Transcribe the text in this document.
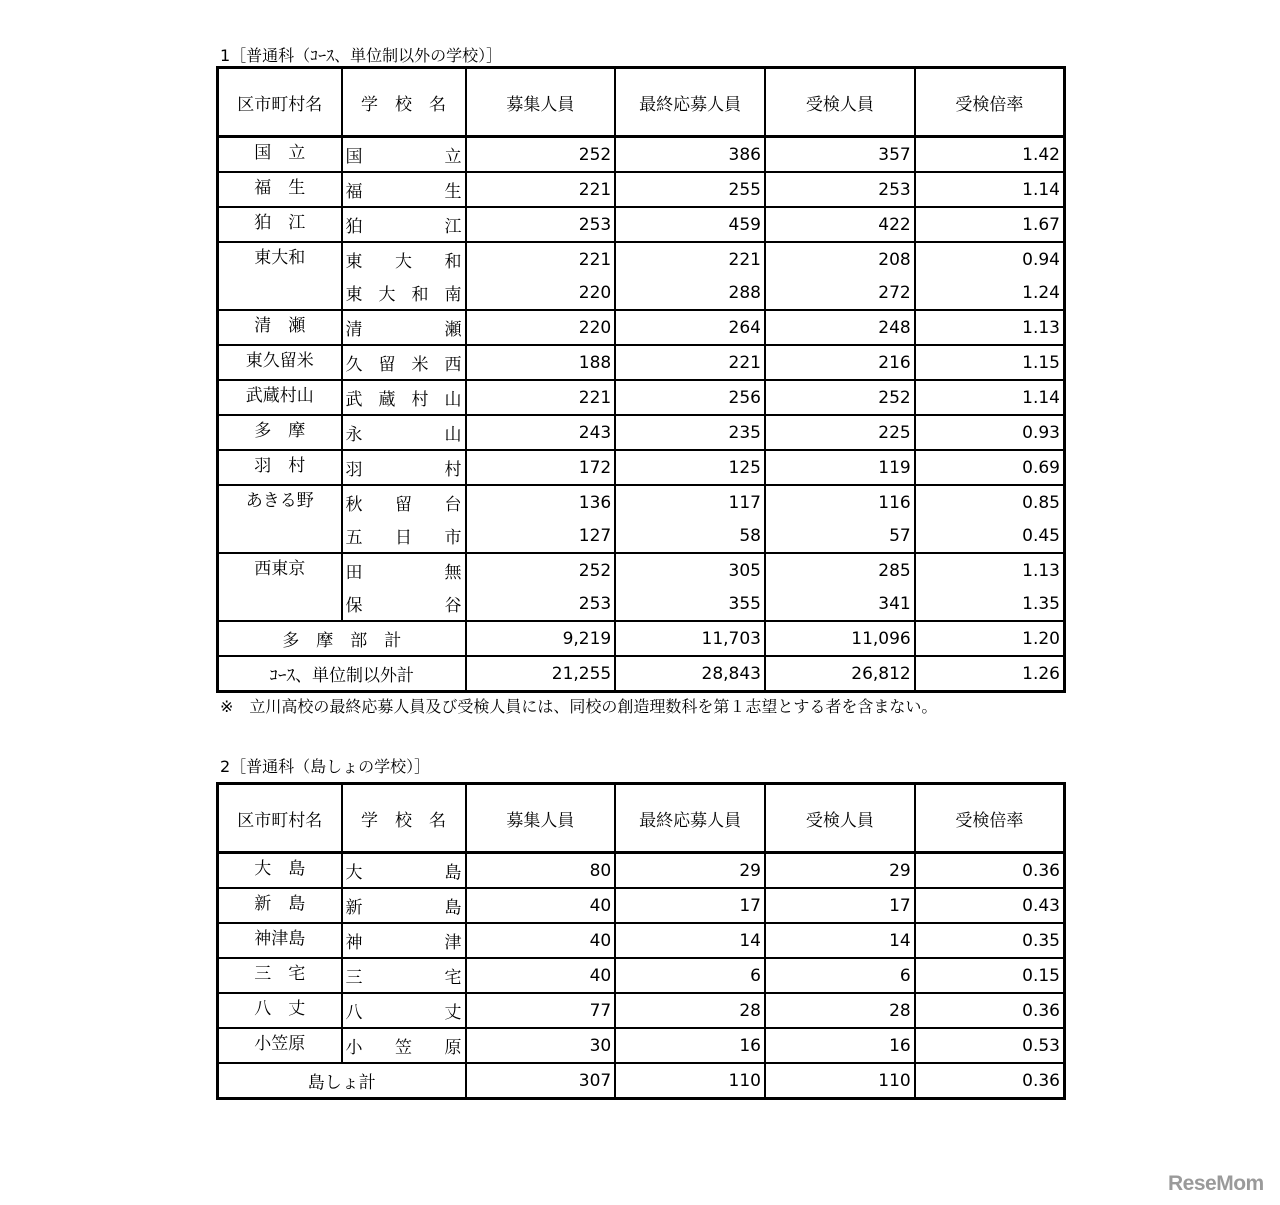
1［普通科（ｺｰｽ、単位制以外の学校）］
区市町村名	学　校　名	募集人員	最終応募人員	受検人員	受検倍率
国　立	国立	252	386	357	1.42
福　生	福生	221	255	253	1.14
狛　江	狛江	253	459	422	1.67
東大和	東大和	221	221	208	0.94
	東大和南	220	288	272	1.24
清　瀬	清瀬	220	264	248	1.13
東久留米	久留米西	188	221	216	1.15
武蔵村山	武蔵村山	221	256	252	1.14
多　摩	永山	243	235	225	0.93
羽　村	羽村	172	125	119	0.69
あきる野	秋留台	136	117	116	0.85
	五日市	127	58	57	0.45
西東京	田無	252	305	285	1.13
	保谷	253	355	341	1.35
多　摩　部　計		9,219	11,703	11,096	1.20
ｺｰｽ、単位制以外計		21,255	28,843	26,812	1.26
※　立川高校の最終応募人員及び受検人員には、同校の創造理数科を第１志望とする者を含まない。
2［普通科（島しょの学校）］
区市町村名	学　校　名	募集人員	最終応募人員	受検人員	受検倍率
大　島	大島	80	29	29	0.36
新　島	新島	40	17	17	0.43
神津島	神津	40	14	14	0.35
三　宅	三宅	40	6	6	0.15
八　丈	八丈	77	28	28	0.36
小笠原	小笠原	30	16	16	0.53
島しょ計		307	110	110	0.36
ReseMom
